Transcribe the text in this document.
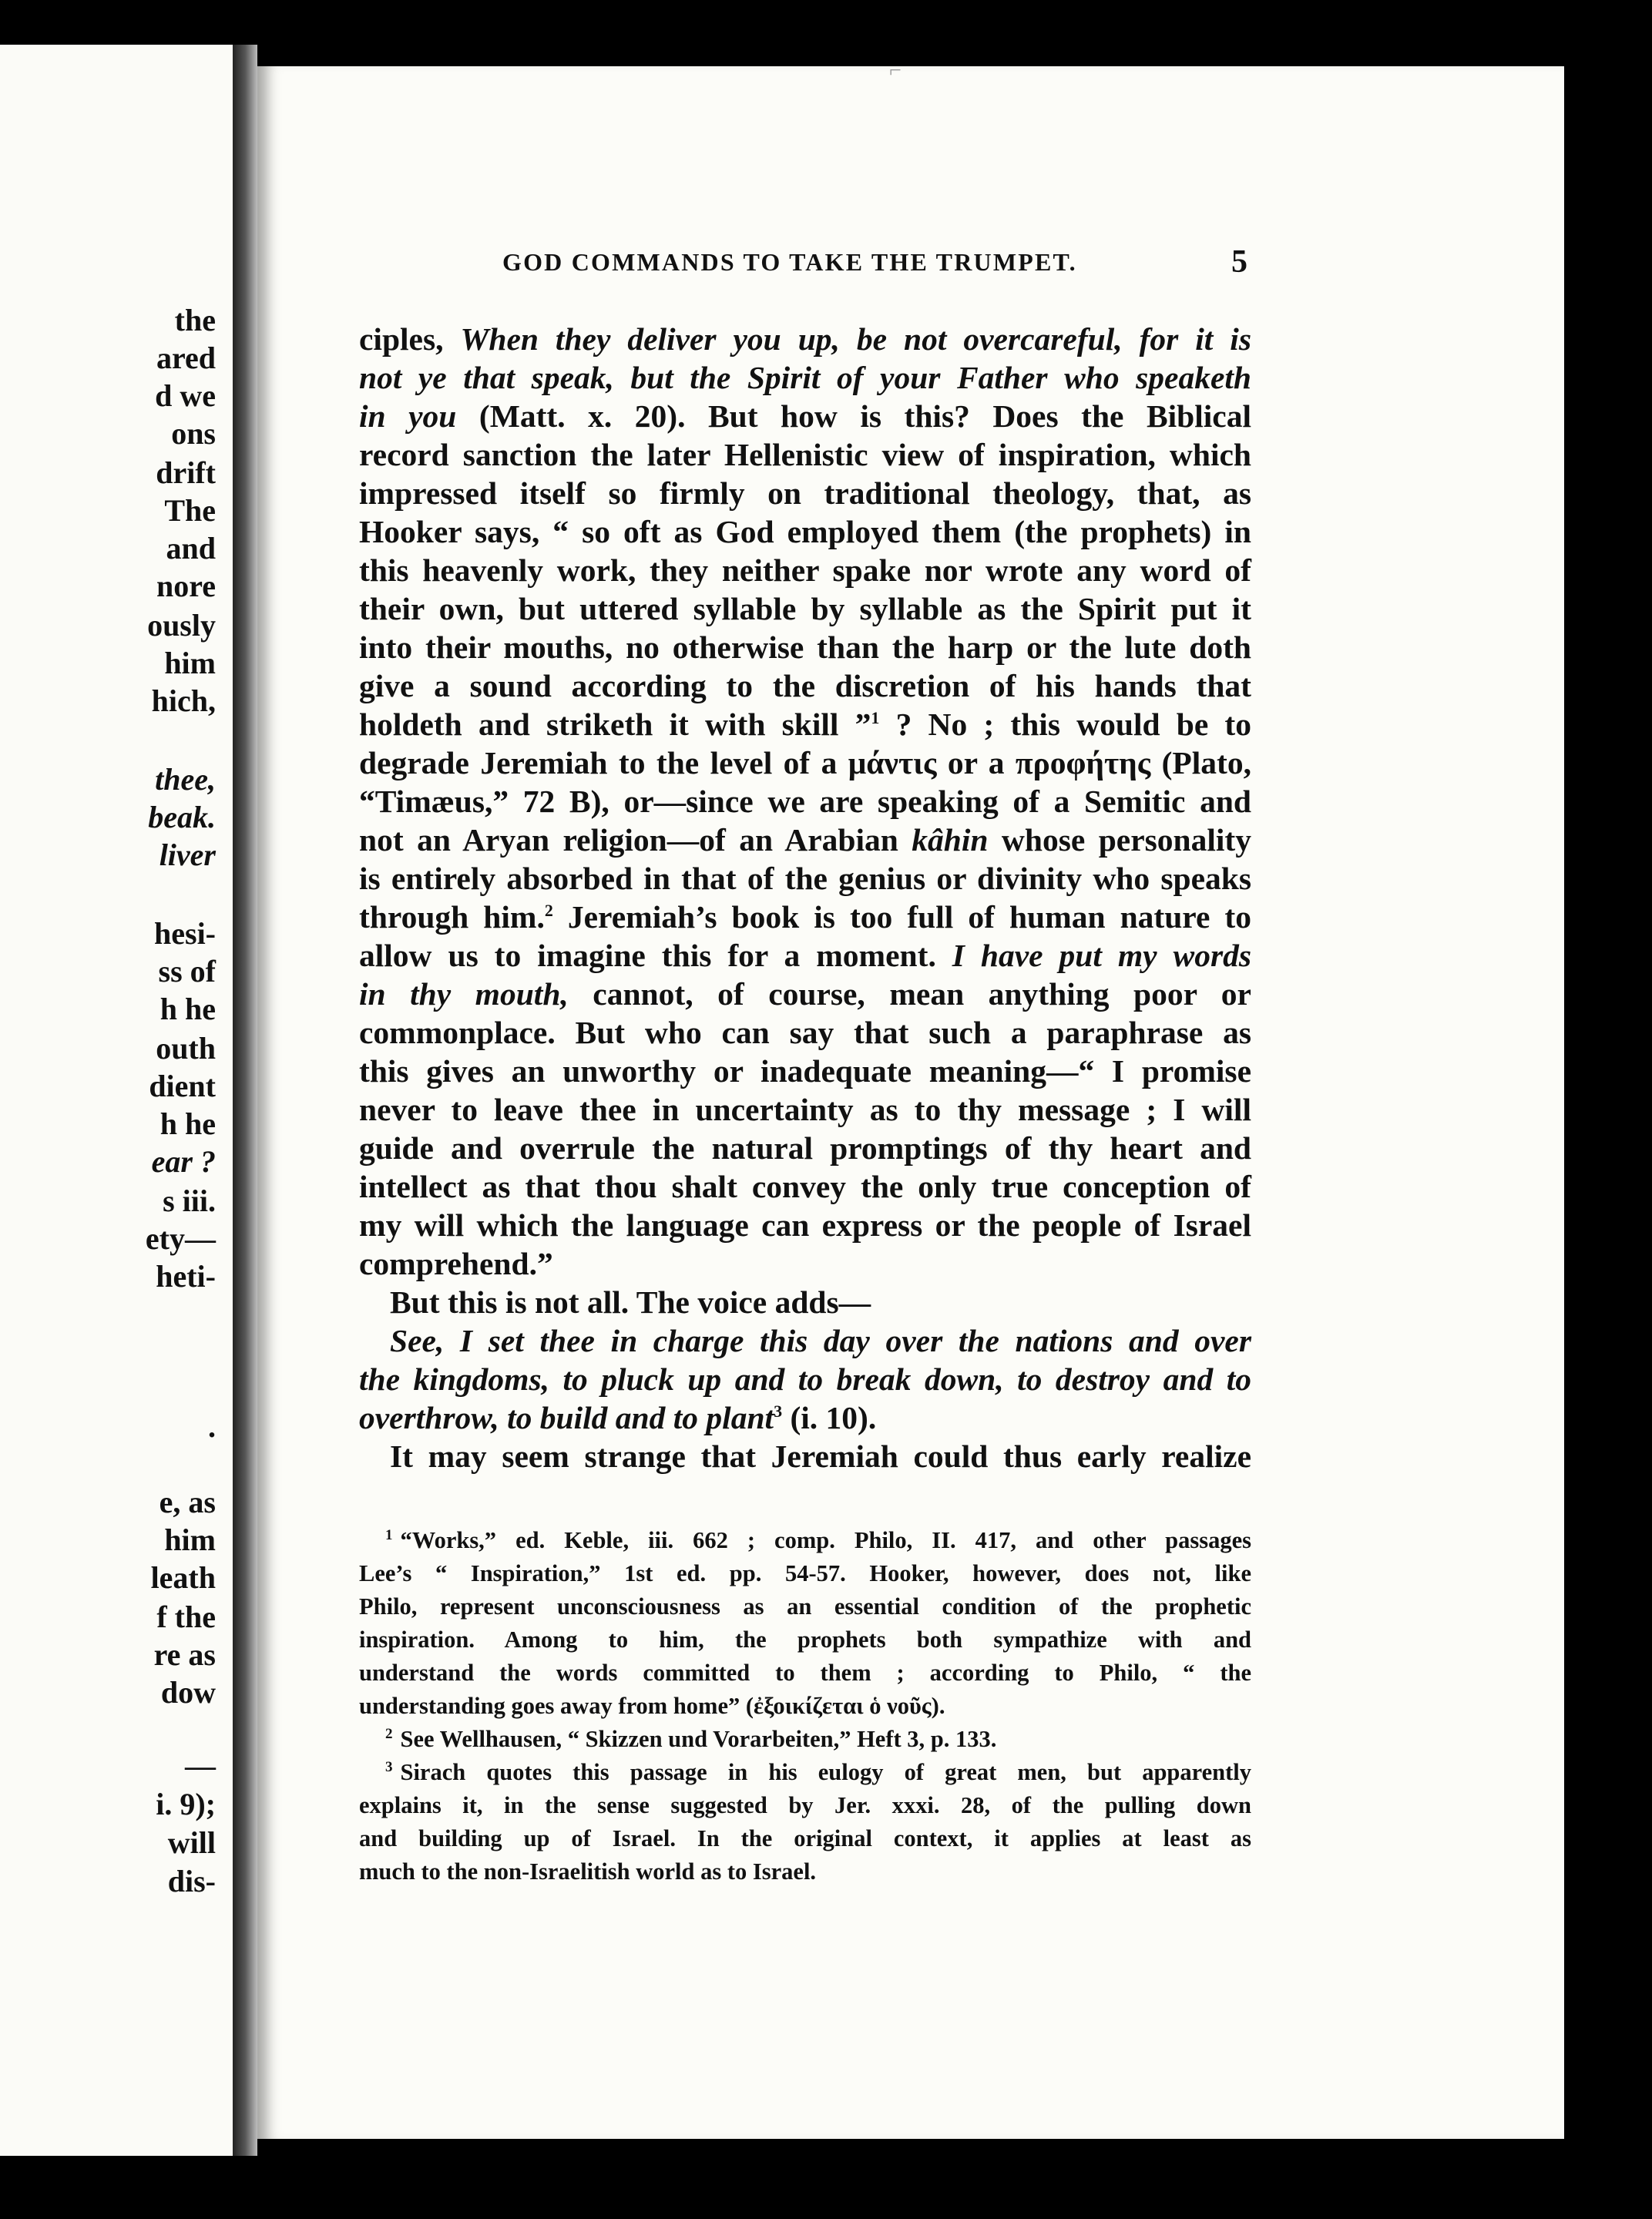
the
ared
d we
ons
drift
The
and
nore
ously
him
hich,
thee,
beak.
liver
hesi-
ss of
h he
outh
dient
h he
ear ?
s iii.
ety—
heti-
.
e, as
him
leath
f the
re as
dow
—
i. 9);
will
dis-
⌐
GOD COMMANDS TO TAKE THE TRUMPET.	5
ciples, When they deliver you up, be not overcareful, for it is
not ye that speak, but the Spirit of your Father who speaketh
in you (Matt. x. 20). But how is this? Does the Biblical
record sanction the later Hellenistic view of inspiration, which
impressed itself so firmly on traditional theology, that, as
Hooker says, “ so oft as God employed them (the prophets) in
this heavenly work, they neither spake nor wrote any word of
their own, but uttered syllable by syllable as the Spirit put it
into their mouths, no otherwise than the harp or the lute doth
give a sound according to the discretion of his hands that
holdeth and striketh it with skill ”$^1$ ? No ; this would be to
degrade Jeremiah to the level of a μάντις or a προφήτης (Plato,
“Timæus,” 72 B), or—since we are speaking of a Semitic and
not an Aryan religion—of an Arabian kâhin whose personality
is entirely absorbed in that of the genius or divinity who speaks
through him.$^2$ Jeremiah’s book is too full of human nature to
allow us to imagine this for a moment. I have put my words
in thy mouth, cannot, of course, mean anything poor or
commonplace. But who can say that such a paraphrase as
this gives an unworthy or inadequate meaning—“ I promise
never to leave thee in uncertainty as to thy message ; I will
guide and overrule the natural promptings of thy heart and
intellect as that thou shalt convey the only true conception of
my will which the language can express or the people of Israel
comprehend.”
But this is not all. The voice adds—
See, I set thee in charge this day over the nations and over
the kingdoms, to pluck up and to break down, to destroy and to
overthrow, to build and to plant$^3$ (i. 10).
It may seem strange that Jeremiah could thus early realize
$^1$ “Works,” ed. Keble, iii. 662 ; comp. Philo, II. 417, and other passages
Lee’s “ Inspiration,” 1st ed. pp. 54-57. Hooker, however, does not, like
Philo, represent unconsciousness as an essential condition of the prophetic
inspiration. Among to him, the prophets both sympathize with and
understand the words committed to them ; according to Philo, “ the
understanding goes away from home” (ἐξοικίζεται ὁ νοῦς).
$^2$ See Wellhausen, “ Skizzen und Vorarbeiten,” Heft 3, p. 133.
$^3$ Sirach quotes this passage in his eulogy of great men, but apparently
explains it, in the sense suggested by Jer. xxxi. 28, of the pulling down
and building up of Israel. In the original context, it applies at least as
much to the non-Israelitish world as to Israel.
